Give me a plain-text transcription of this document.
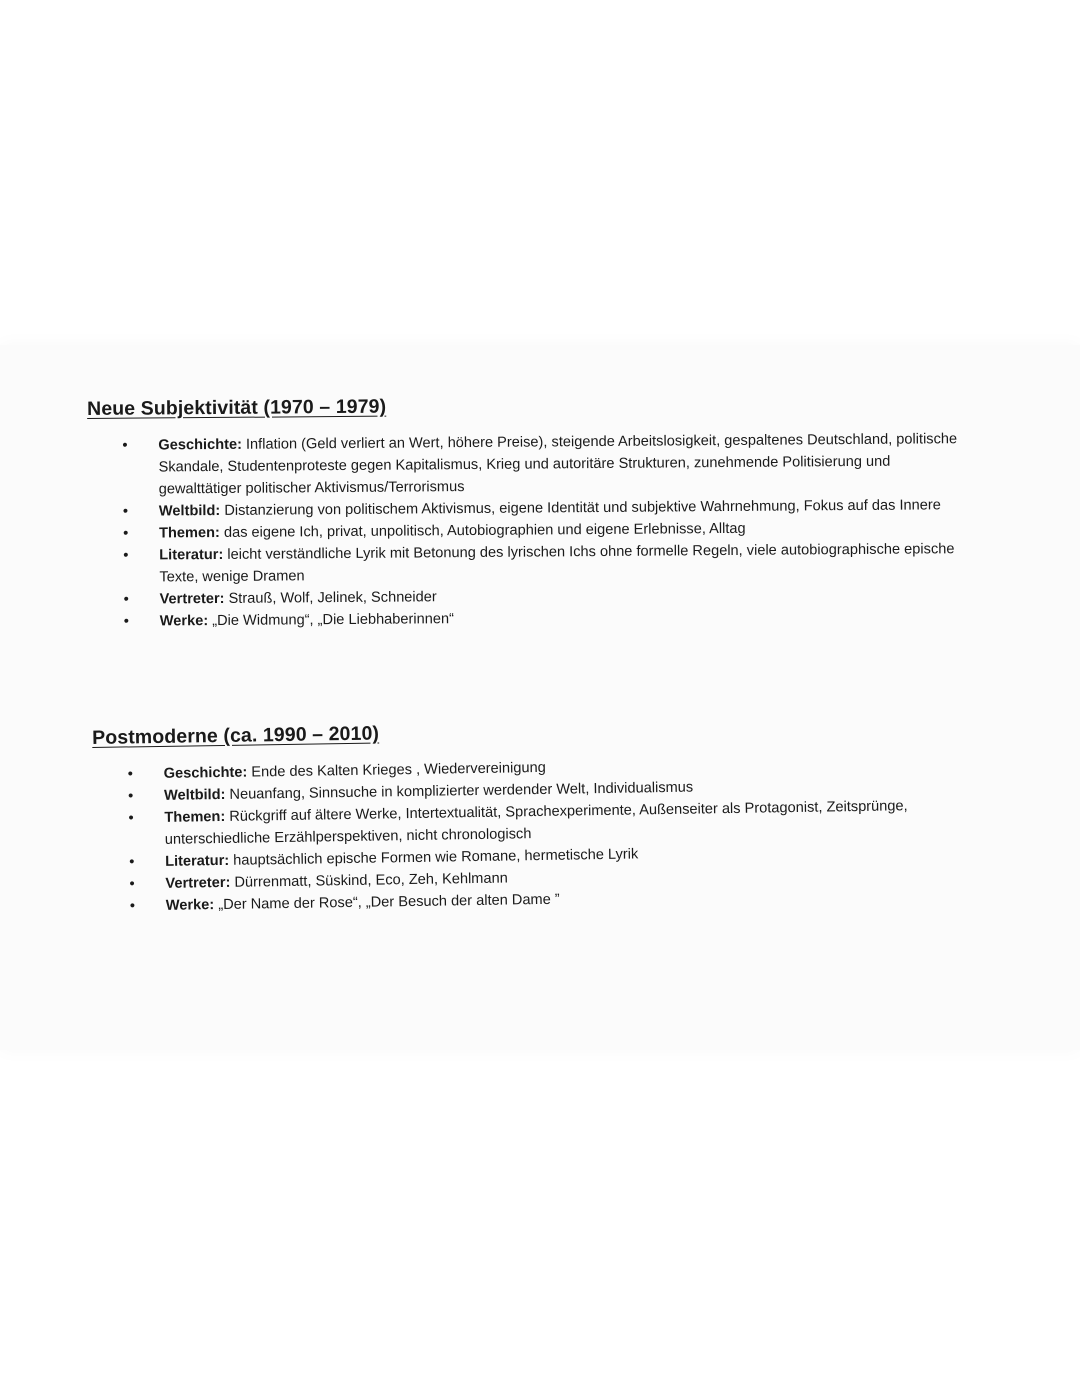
Neue Subjektivität (1970 – 1979)
• Geschichte: Inflation (Geld verliert an Wert, höhere Preise), steigende Arbeitslosigkeit, gespaltenes Deutschland, politische Skandale, Studentenproteste gegen Kapitalismus, Krieg und autoritäre Strukturen, zunehmende Politisierung und gewalttätiger politischer Aktivismus/Terrorismus
• Weltbild: Distanzierung von politischem Aktivismus, eigene Identität und subjektive Wahrnehmung, Fokus auf das Innere
• Themen: das eigene Ich, privat, unpolitisch, Autobiographien und eigene Erlebnisse, Alltag
• Literatur: leicht verständliche Lyrik mit Betonung des lyrischen Ichs ohne formelle Regeln, viele autobiographische epische Texte, wenige Dramen
• Vertreter: Strauß, Wolf, Jelinek, Schneider
• Werke: „Die Widmung“, „Die Liebhaberinnen“
Postmoderne (ca. 1990 – 2010)
• Geschichte: Ende des Kalten Krieges , Wiedervereinigung
• Weltbild: Neuanfang, Sinnsuche in komplizierter werdender Welt, Individualismus
• Themen: Rückgriff auf ältere Werke, Intertextualität, Sprachexperimente, Außenseiter als Protagonist, Zeitsprünge, unterschiedliche Erzählperspektiven, nicht chronologisch
• Literatur: hauptsächlich epische Formen wie Romane, hermetische Lyrik
• Vertreter: Dürrenmatt, Süskind, Eco, Zeh, Kehlmann
• Werke: „Der Name der Rose“, „Der Besuch der alten Dame ”
